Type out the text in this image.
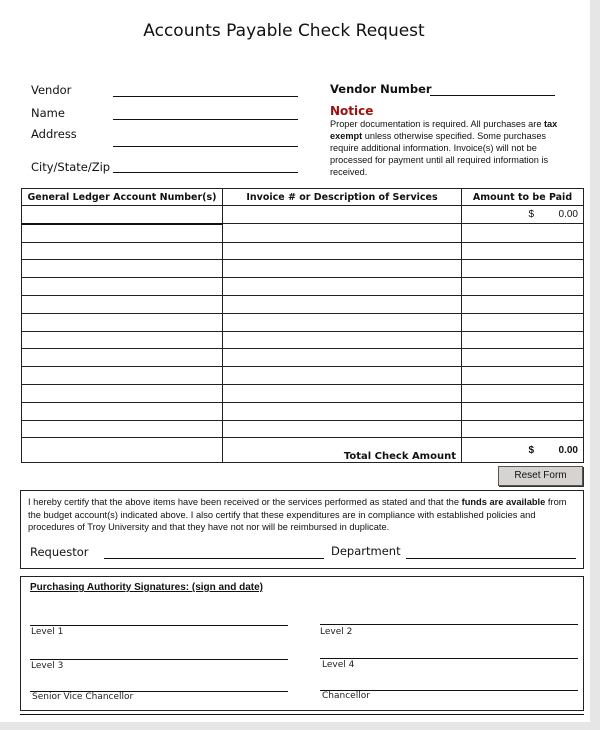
Accounts Payable Check Request
Vendor
Name
Address
City/State/Zip
Vendor Number
Notice
Proper documentation is required. All purchases are tax exempt unless otherwise specified. Some purchases require additional information. Invoice(s) will not be processed for payment until all required information is received.
General Ledger Account Number(s)	Invoice # or Description of Services	Amount to be Paid
		$ 0.00

	Total Check Amount	$ 0.00
Reset Form
I hereby certify that the above items have been received or the services performed as stated and that the funds are available from the budget account(s) indicated above. I also certify that these expenditures are in compliance with established policies and procedures of Troy University and that they have not nor will be reimbursed in duplicate.
Requestor	Department
Purchasing Authority Signatures: (sign and date)
Level 1	Level 2
Level 3	Level 4
Senior Vice Chancellor	Chancellor
